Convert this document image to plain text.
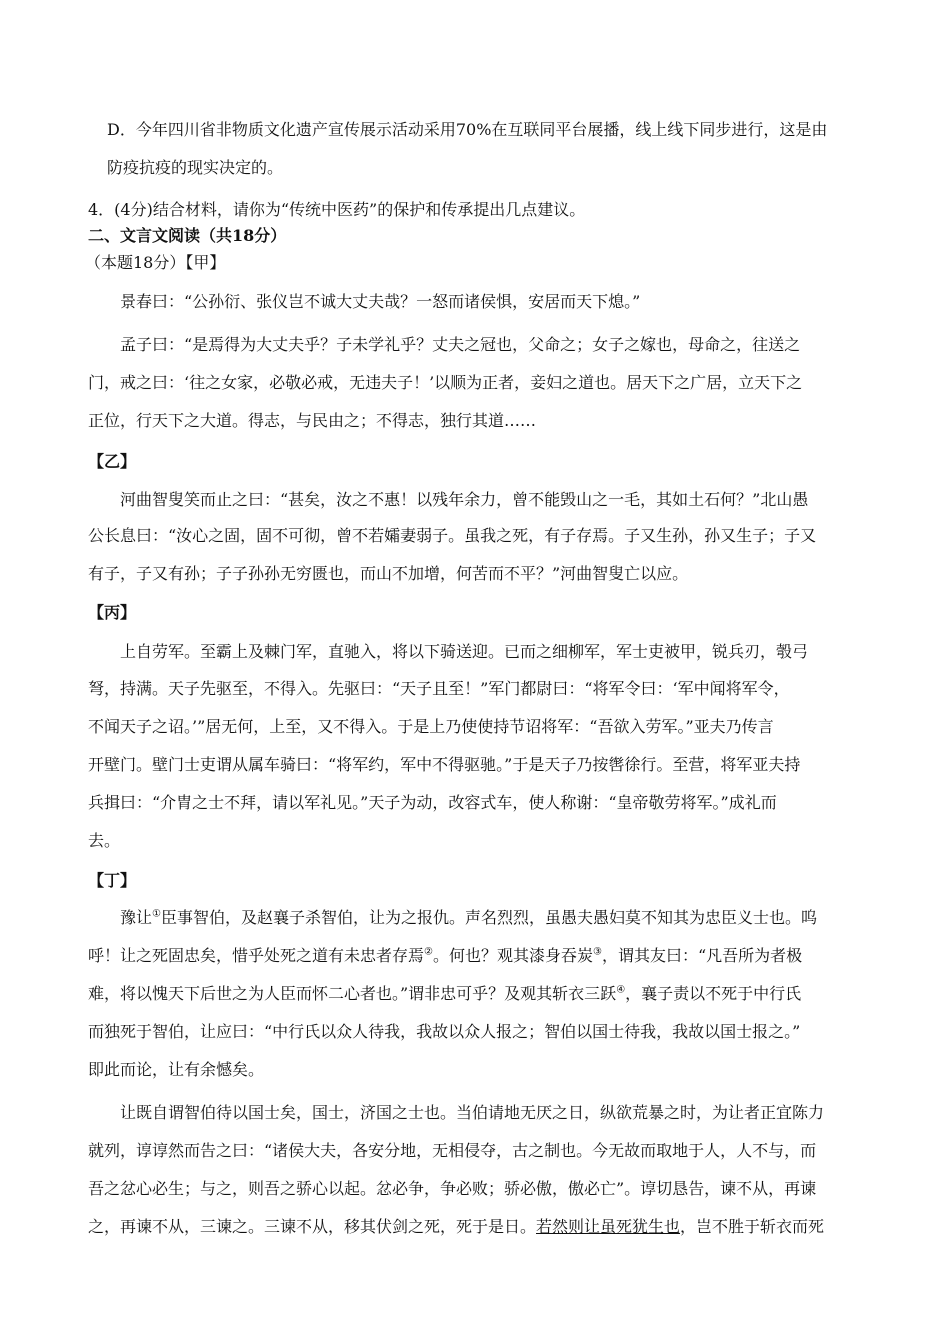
D．今年四川省非物质文化遗产宣传展示活动采用70%在互联同平台展播，线上线下同步进行，这是由
防疫抗疫的现实决定的。
4．(4分)结合材料，请你为“传统中医药”的保护和传承提出几点建议。
二、文言文阅读（共18分）
（本题18分）【甲】
景春曰：“公孙衍、张仪岂不诚大丈夫哉？一怒而诸侯惧，安居而天下熄。”
孟子曰：“是焉得为大丈夫乎？子未学礼乎？丈夫之冠也，父命之；女子之嫁也，母命之，往送之
门，戒之曰：‘往之女家，必敬必戒，无违夫子！’以顺为正者，妾妇之道也。居天下之广居，立天下之
正位，行天下之大道。得志，与民由之；不得志，独行其道……
【乙】
河曲智叟笑而止之曰：“甚矣，汝之不惠！以残年余力，曾不能毁山之一毛，其如土石何？”北山愚
公长息曰：“汝心之固，固不可彻，曾不若孀妻弱子。虽我之死，有子存焉。子又生孙，孙又生子；子又
有子，子又有孙；子子孙孙无穷匮也，而山不加增，何苦而不平？”河曲智叟亡以应。
【丙】
上自劳军。至霸上及棘门军，直驰入，将以下骑送迎。已而之细柳军，军士吏被甲，锐兵刃，彀弓
弩，持满。天子先驱至，不得入。先驱曰：“天子且至！”军门都尉曰：“将军令曰：‘军中闻将军令，
不闻天子之诏。’”居无何，上至，又不得入。于是上乃使使持节诏将军：“吾欲入劳军。”亚夫乃传言
开壁门。壁门士吏谓从属车骑曰：“将军约，军中不得驱驰。”于是天子乃按辔徐行。至营，将军亚夫持
兵揖曰：“介胄之士不拜，请以军礼见。”天子为动，改容式车，使人称谢：“皇帝敬劳将军。”成礼而
去。
【丁】
豫让①臣事智伯，及赵襄子杀智伯，让为之报仇。声名烈烈，虽愚夫愚妇莫不知其为忠臣义士也。呜
呼！让之死固忠矣，惜乎处死之道有未忠者存焉②。何也？观其漆身吞炭③，谓其友曰：“凡吾所为者极
难，将以愧天下后世之为人臣而怀二心者也。”谓非忠可乎？及观其斩衣三跃④，襄子责以不死于中行氏
而独死于智伯，让应曰：“中行氏以众人待我，我故以众人报之；智伯以国士待我，我故以国士报之。”
即此而论，让有余憾矣。
让既自谓智伯待以国士矣，国士，济国之士也。当伯请地无厌之日，纵欲荒暴之时，为让者正宜陈力
就列，谆谆然而告之曰：“诸侯大夫，各安分地，无相侵夺，古之制也。今无故而取地于人，人不与，而
吾之忿心必生；与之，则吾之骄心以起。忿必争，争必败；骄必傲，傲必亡”。谆切恳告，谏不从，再谏
之，再谏不从，三谏之。三谏不从，移其伏剑之死，死于是日。若然则让虽死犹生也，岂不胜于斩衣而死
